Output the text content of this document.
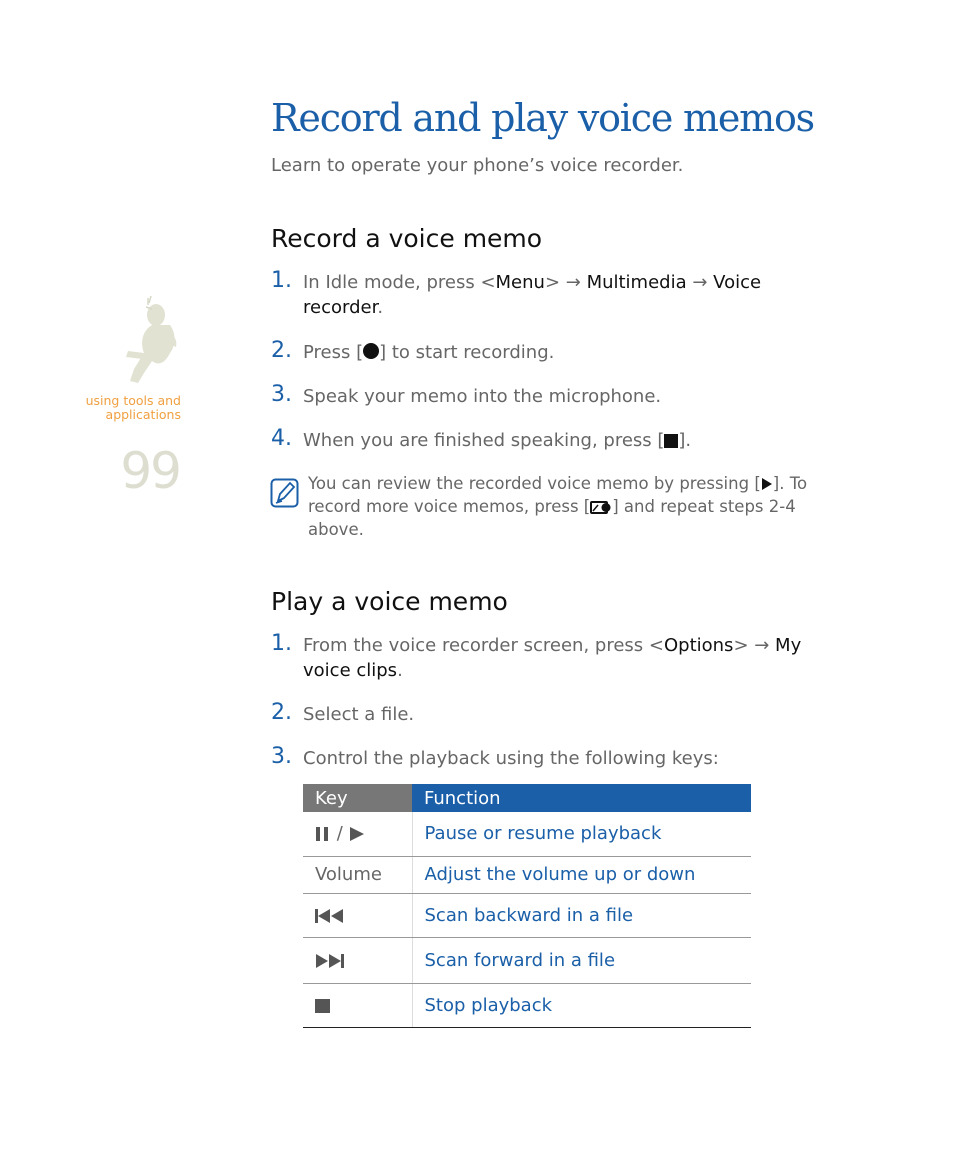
Record and play voice memos
Learn to operate your phone’s voice recorder.
using tools and
applications
99
Record a voice memo
1. In Idle mode, press <Menu> → Multimedia → Voice recorder.
2. Press [ ] to start recording.
3. Speak your memo into the microphone.
4. When you are finished speaking, press [ ].
You can review the recorded voice memo by pressing [ ]. To record more voice memos, press [ ] and repeat steps 2-4 above.
Play a voice memo
1. From the voice recorder screen, press <Options> → My voice clips.
2. Select a file.
3. Control the playback using the following keys:
Key	Function
/	Pause or resume playback
Volume	Adjust the volume up or down
	Scan backward in a file
	Scan forward in a file
	Stop playback
